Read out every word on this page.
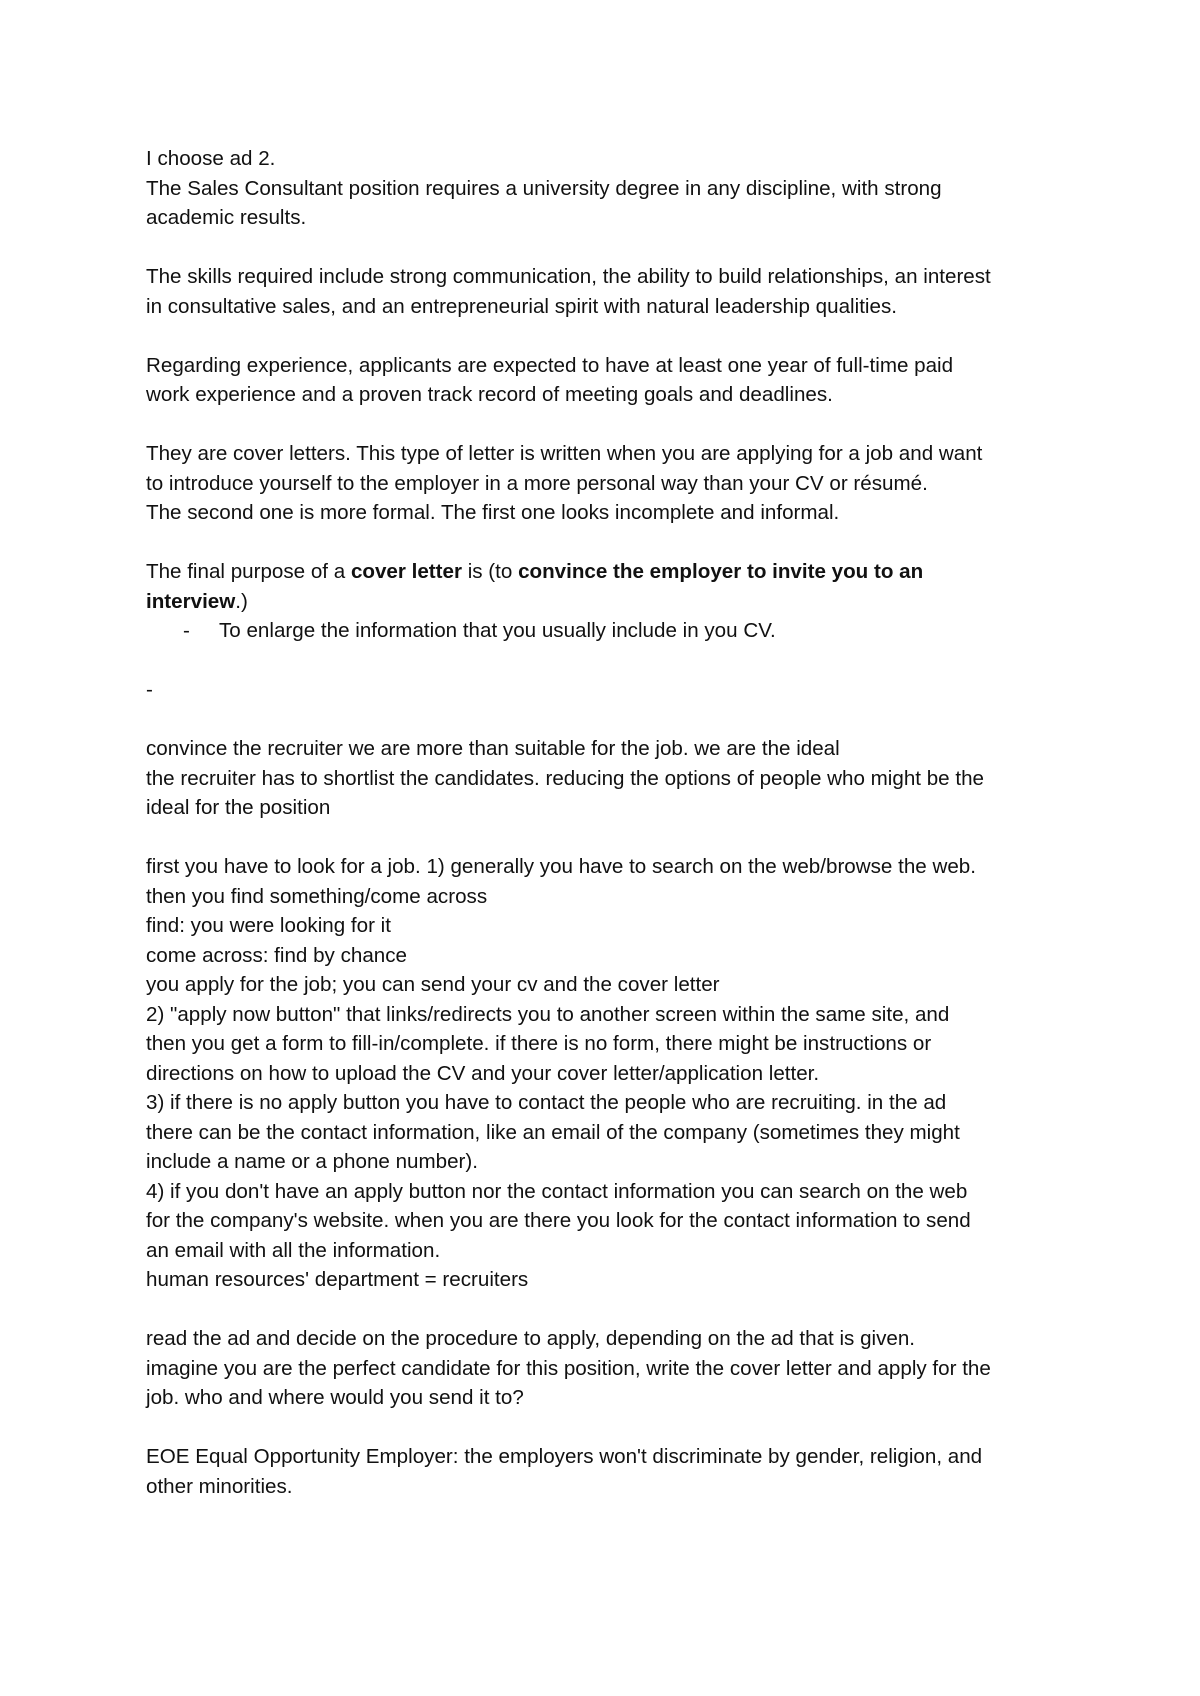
I choose ad 2.

The Sales Consultant position requires a university degree in any discipline, with strong

academic results.

The skills required include strong communication, the ability to build relationships, an interest

in consultative sales, and an entrepreneurial spirit with natural leadership qualities.

Regarding experience, applicants are expected to have at least one year of full-time paid

work experience and a proven track record of meeting goals and deadlines.

They are cover letters. This type of letter is written when you are applying for a job and want

to introduce yourself to the employer in a more personal way than your CV or résumé.

The second one is more formal. The first one looks incomplete and informal.

The final purpose of a cover letter is (to convince the employer to invite you to an

interview.)

- To enlarge the information that you usually include in you CV.

-

convince the recruiter we are more than suitable for the job. we are the ideal

the recruiter has to shortlist the candidates. reducing the options of people who might be the

ideal for the position

first you have to look for a job. 1) generally you have to search on the web/browse the web.

then you find something/come across

find: you were looking for it

come across: find by chance

you apply for the job; you can send your cv and the cover letter

2) "apply now button" that links/redirects you to another screen within the same site, and

then you get a form to fill-in/complete. if there is no form, there might be instructions or

directions on how to upload the CV and your cover letter/application letter.

3) if there is no apply button you have to contact the people who are recruiting. in the ad

there can be the contact information, like an email of the company (sometimes they might

include a name or a phone number).

4) if you don't have an apply button nor the contact information you can search on the web

for the company's website. when you are there you look for the contact information to send

an email with all the information.

human resources' department = recruiters

read the ad and decide on the procedure to apply, depending on the ad that is given.

imagine you are the perfect candidate for this position, write the cover letter and apply for the

job. who and where would you send it to?

EOE Equal Opportunity Employer: the employers won't discriminate by gender, religion, and

other minorities.
